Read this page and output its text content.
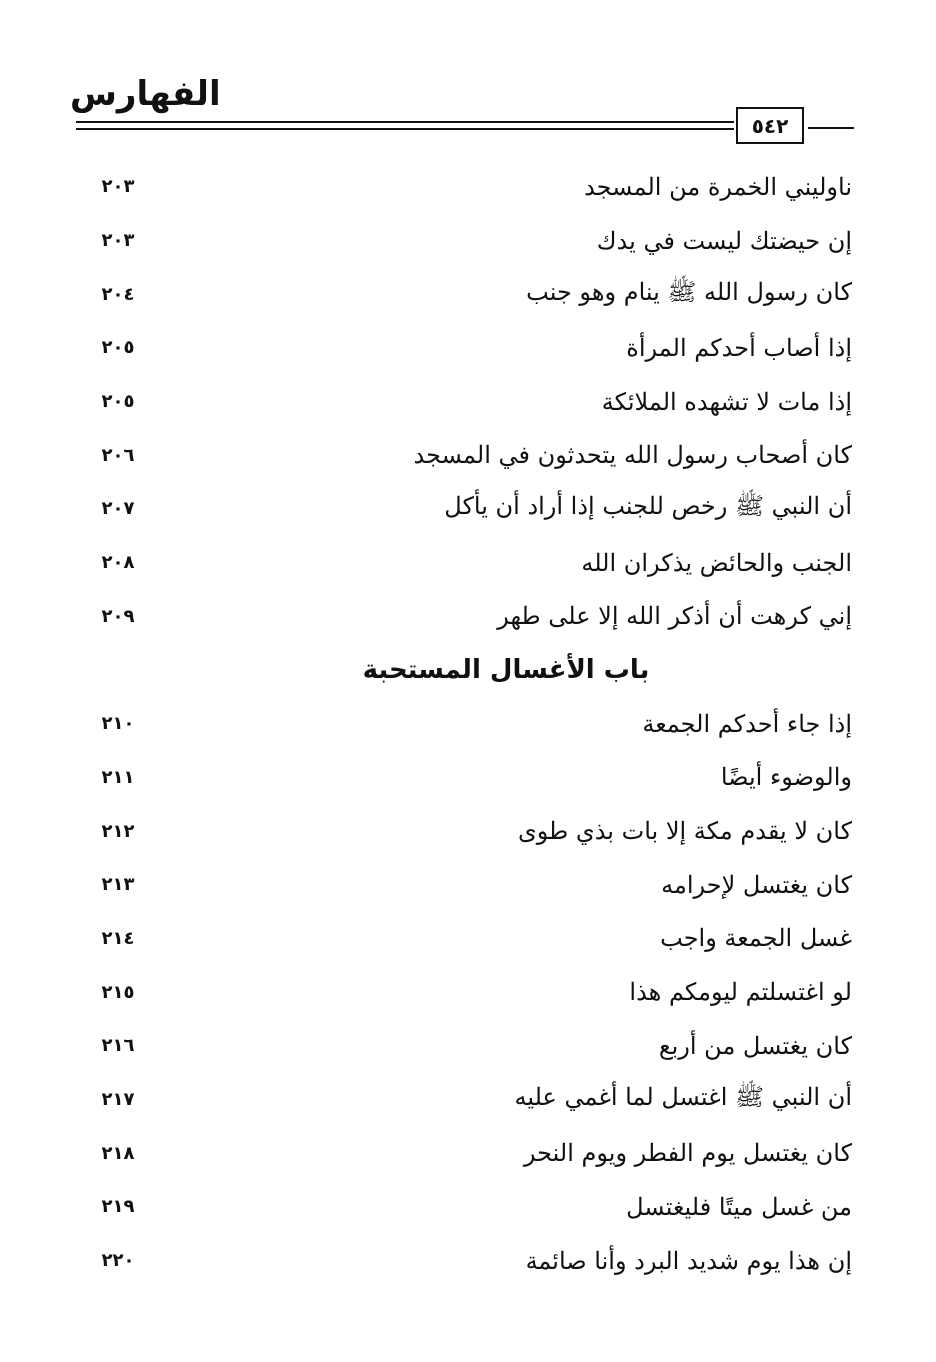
الفهارس
٥٤٢
ناوليني الخمرة من المسجد
٢٠٣
إن حيضتك ليست في يدك
٢٠٣
كان رسول الله ﷺ ينام وهو جنب
٢٠٤
إذا أصاب أحدكم المرأة
٢٠٥
إذا مات لا تشهده الملائكة
٢٠٥
كان أصحاب رسول الله يتحدثون في المسجد
٢٠٦
أن النبي ﷺ رخص للجنب إذا أراد أن يأكل
٢٠٧
الجنب والحائض يذكران الله
٢٠٨
إني كرهت أن أذكر الله إلا على طهر
٢٠٩
باب الأغسال المستحبة
إذا جاء أحدكم الجمعة
٢١٠
والوضوء أيضًا
٢١١
كان لا يقدم مكة إلا بات بذي طوى
٢١٢
كان يغتسل لإحرامه
٢١٣
غسل الجمعة واجب
٢١٤
لو اغتسلتم ليومكم هذا
٢١٥
كان يغتسل من أربع
٢١٦
أن النبي ﷺ اغتسل لما أغمي عليه
٢١٧
كان يغتسل يوم الفطر ويوم النحر
٢١٨
من غسل ميتًا فليغتسل
٢١٩
إن هذا يوم شديد البرد وأنا صائمة
٢٢٠
